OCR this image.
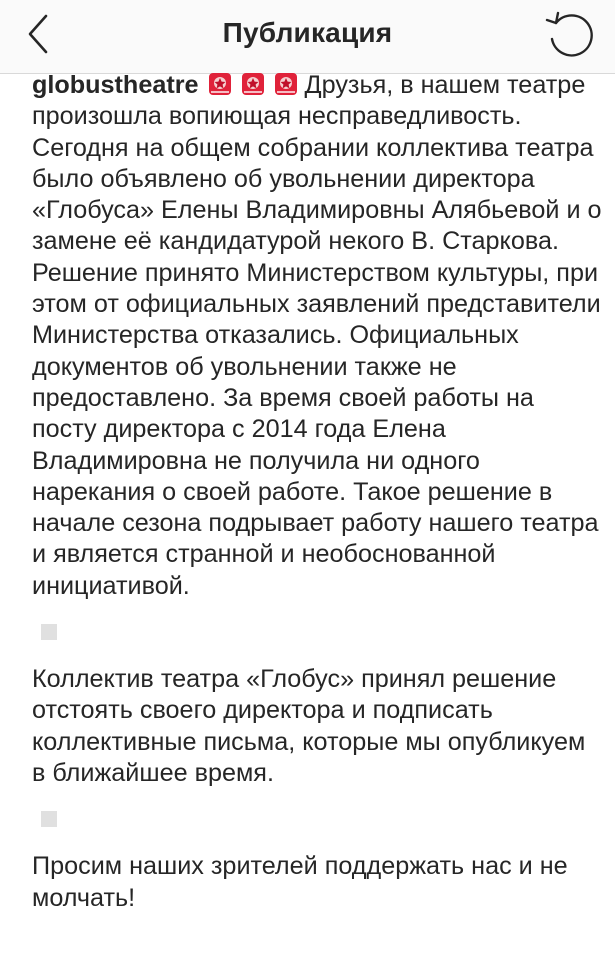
Публикация

globustheatre	Друзья, в нашем театре произошла вопиющая несправедливость. Сегодня на общем собрании коллектива театра было объявлено об увольнении директора «Глобуса» Елены Владимировны Алябьевой и о замене её кандидатурой некого В. Старкова. Решение принято Министерством культуры, при этом от официальных заявлений представители Министерства отказались. Официальных документов об увольнении также не предоставлено. За время своей работы на посту директора с 2014 года Елена Владимировна не получила ни одного нарекания о своей работе. Такое решение в начале сезона подрывает работу нашего театра и является странной и необоснованной инициативой.

Коллектив театра «Глобус» принял решение отстоять своего директора и подписать коллективные письма, которые мы опубликуем в ближайшее время.

Просим наших зрителей поддержать нас и не молчать!
